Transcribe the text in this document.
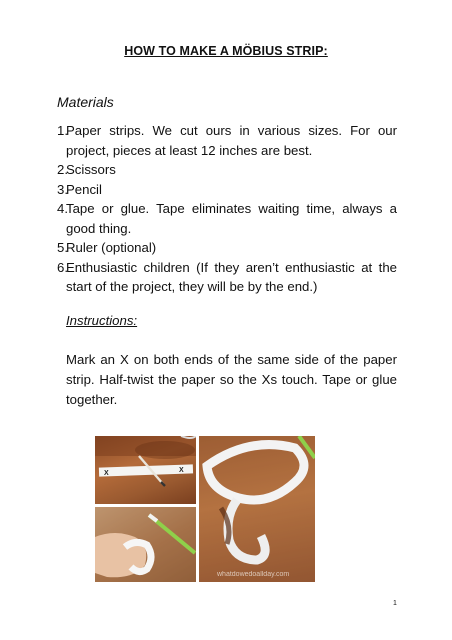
HOW TO MAKE A MÖBIUS STRIP:
Materials
1.
Paper strips. We cut ours in various sizes. For our project, pieces at least 12 inches are best.
2.
Scissors
3.
Pencil
4.
Tape or glue. Tape eliminates waiting time, always a good thing.
5.
Ruler (optional)
6.
Enthusiastic children (If they aren’t enthusiastic at the start of the project, they will be by the end.)
Instructions:

Mark an X on both ends of the same side of the paper strip. Half-twist the paper so the Xs touch. Tape or glue together.

X	X
whatdowedoallday.com
1
